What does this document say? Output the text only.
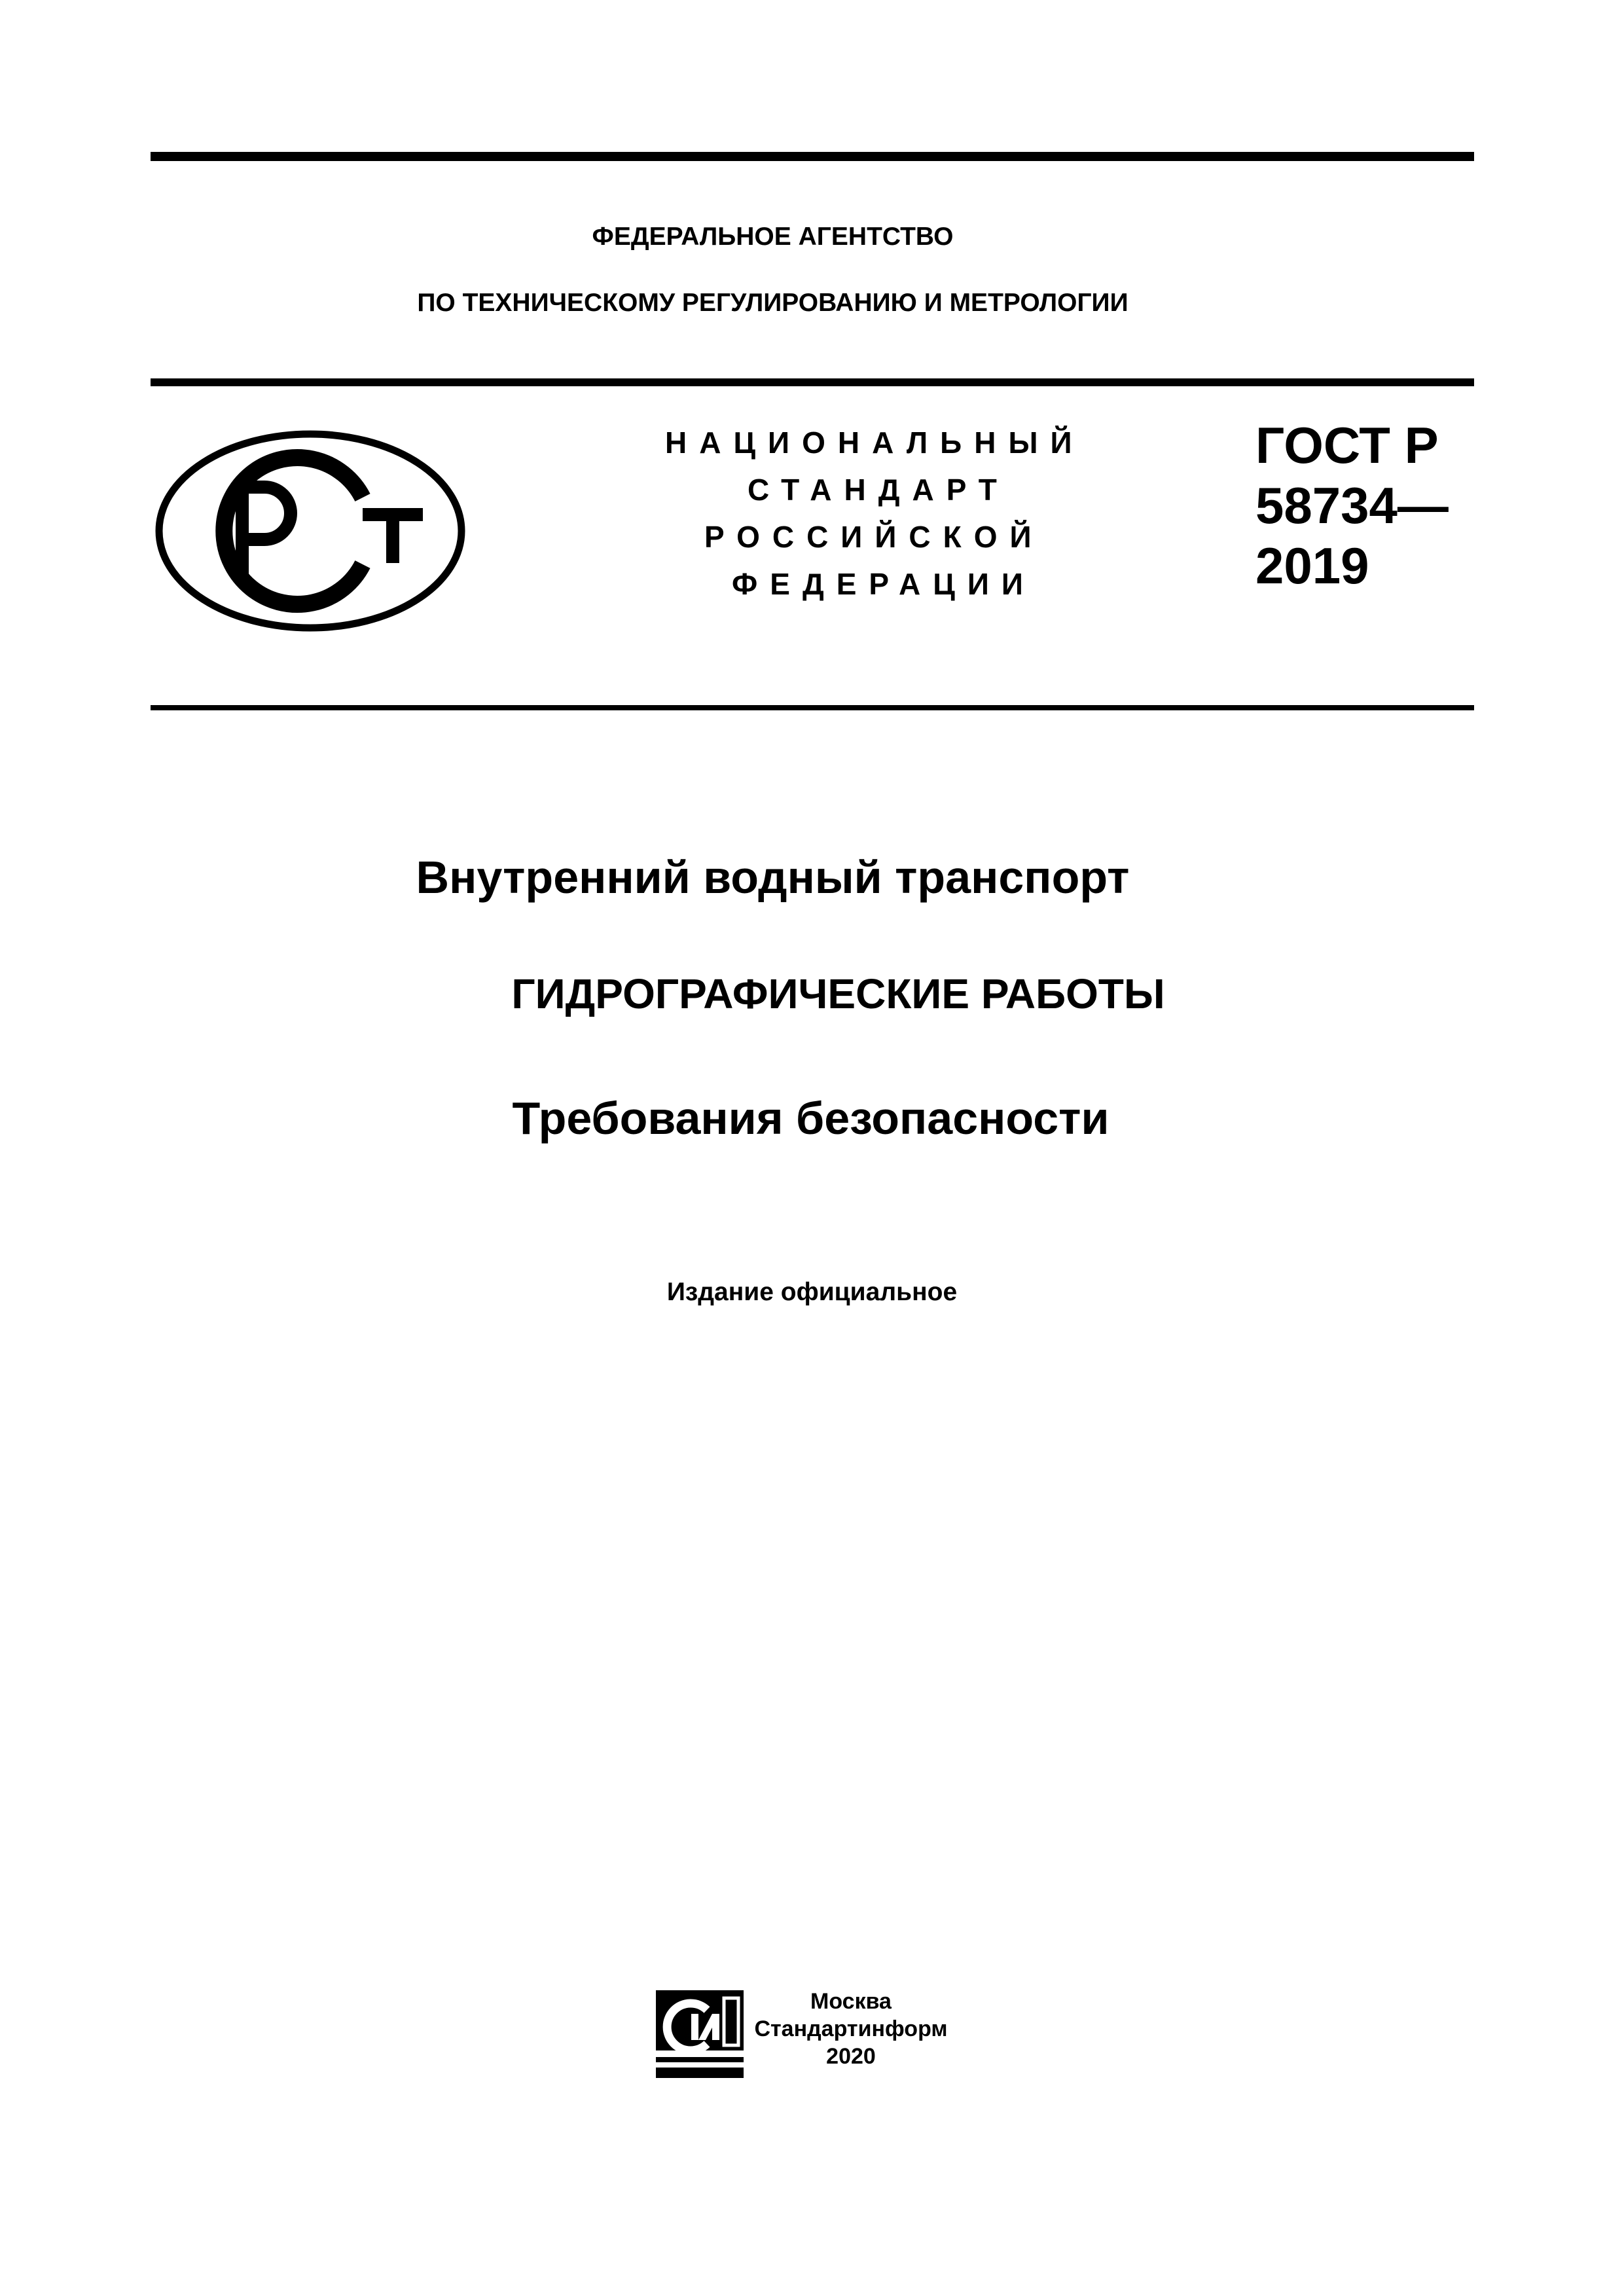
ФЕДЕРАЛЬНОЕ АГЕНТСТВО
ПО ТЕХНИЧЕСКОМУ РЕГУЛИРОВАНИЮ И МЕТРОЛОГИИ
НАЦИОНАЛЬНЫЙ
СТАНДАРТ
РОССИЙСКОЙ
ФЕДЕРАЦИИ
ГОСТ Р
58734—
2019
Внутренний водный транспорт
ГИДРОГРАФИЧЕСКИЕ РАБОТЫ
Требования безопасности
Издание официальное
Москва
Стандартинформ
2020
